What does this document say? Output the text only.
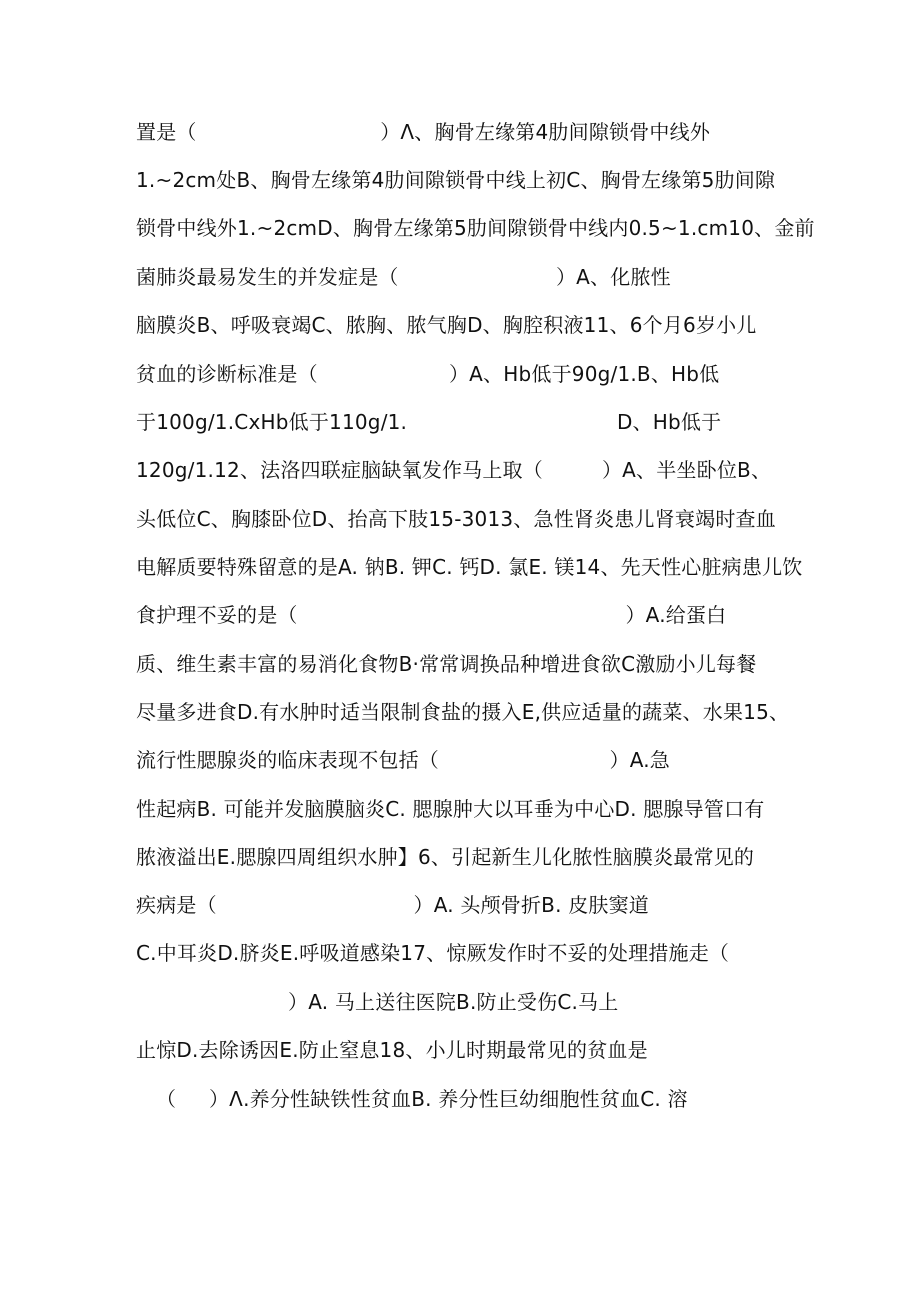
置是（                            ）Λ、胸骨左缘第4肋间隙锁骨中线外
1.~2cm处B、胸骨左缘第4肋间隙锁骨中线上初C、胸骨左缘第5肋间隙
锁骨中线外1.~2cmD、胸骨左缘第5肋间隙锁骨中线内0.5~1.cm10、金前
菌肺炎最易发生的并发症是（                        ）A、化脓性
脑膜炎B、呼吸衰竭C、脓胸、脓气胸D、胸腔积液11、6个月6岁小儿
贫血的诊断标准是（                    ）A、Hb低于90g/1.B、Hb低
于100g/1.CxHb低于110g/1.                                D、Hb低于
120g/1.12、法洛四联症脑缺氧发作马上取（         ）A、半坐卧位B、
头低位C、胸膝卧位D、抬高下肢15-3013、急性肾炎患儿肾衰竭时查血
电解质要特殊留意的是A. 钠B. 钾C. 钙D. 氯E. 镁14、先天性心脏病患儿饮
食护理不妥的是（                                                  ）A.给蛋白
质、维生素丰富的易消化食物B·常常调换品种增进食欲C激励小儿每餐
尽量多进食D.有水肿时适当限制食盐的摄入E,供应适量的蔬菜、水果15、
流行性腮腺炎的临床表现不包括（                          ）A.急
性起病B. 可能并发脑膜脑炎C. 腮腺肿大以耳垂为中心D. 腮腺导管口有
脓液溢出E.腮腺四周组织水肿】6、引起新生儿化脓性脑膜炎最常见的
疾病是（                              ）A. 头颅骨折B. 皮肤窦道
C.中耳炎D.脐炎E.呼吸道感染17、惊厥发作时不妥的处理措施走（
）A. 马上送往医院B.防止受伤C.马上
止惊D.去除诱因E.防止窒息18、小儿时期最常见的贫血是
（     ）Λ.养分性缺铁性贫血B. 养分性巨幼细胞性贫血C. 溶
